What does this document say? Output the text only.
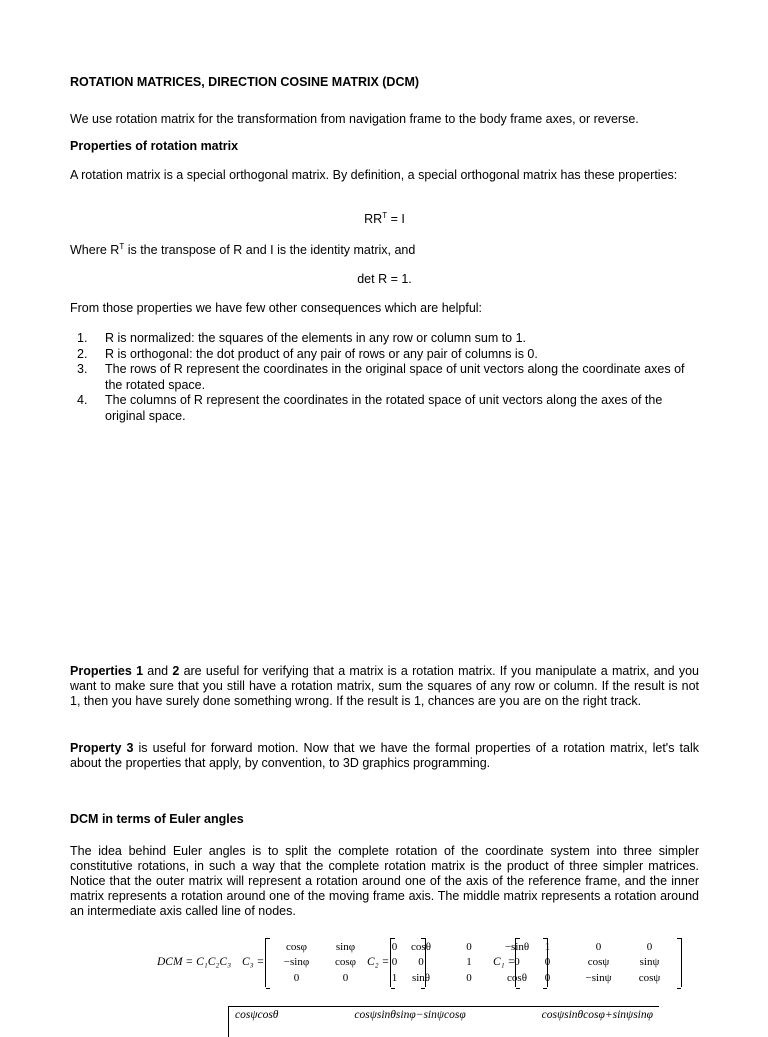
ROTATION MATRICES, DIRECTION COSINE MATRIX (DCM)

We use rotation matrix for the transformation from navigation frame to the body frame axes, or reverse.

Properties of rotation matrix

A rotation matrix is a special orthogonal matrix. By definition, a special orthogonal matrix has these properties:

$RR^T = I$

Where $R^T$ is the transpose of R and I is the identity matrix, and

det R = 1.

From those properties we have few other consequences which are helpful:

1. R is normalized: the squares of the elements in any row or column sum to 1.
2. R is orthogonal: the dot product of any pair of rows or any pair of columns is 0.
3. The rows of R represent the coordinates in the original space of unit vectors along the coordinate axes of the rotated space.
4. The columns of R represent the coordinates in the rotated space of unit vectors along the axes of the original space.

Properties 1 and 2 are useful for verifying that a matrix is a rotation matrix. If you manipulate a matrix, and you want to make sure that you still have a rotation matrix, sum the squares of any row or column. If the result is not 1, then you have surely done something wrong. If the result is 1, chances are you are on the right track.

Property 3 is useful for forward motion. Now that we have the formal properties of a rotation matrix, let's talk about the properties that apply, by convention, to 3D graphics programming.

DCM in terms of Euler angles

The idea behind Euler angles is to split the complete rotation of the coordinate system into three simpler constitutive rotations, in such a way that the complete rotation matrix is the product of three simpler matrices. Notice that the outer matrix will represent a rotation around one of the axis of the reference frame, and the inner matrix represents a rotation around one of the moving frame axis. The middle matrix represents a rotation around an intermediate axis called line of nodes.

DCM = C₁C₂C₃ C₃ =
cosφ	sinφ	0
−sinφ	cosφ	0
0	0	1
C₂ =
cosθ	0	−sinθ
0	1	0
sinθ	0	cosθ
C₁ =
1	0	0
0	cosψ	sinψ
0	−sinψ	cosψ
cosψcosθ	cosψsinθsinφ−sinψcosφ	cosψsinθcosφ+sinψsinφ
